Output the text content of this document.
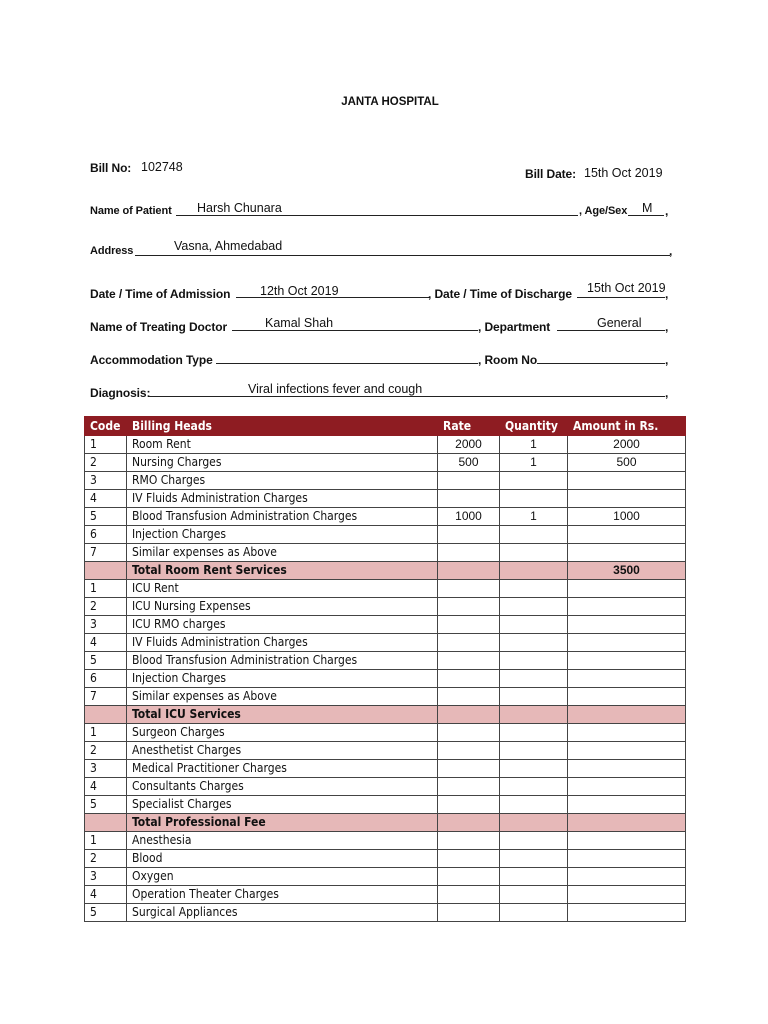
JANTA HOSPITAL
Bill No: 102748	Bill Date: 15th Oct 2019
Name of Patient Harsh Chunara	, Age/Sex M ,
Address	Vasna, Ahmedabad	,
Date / Time of Admission 12th Oct 2019	, Date / Time of Discharge 15th Oct 2019 ,
Name of Treating Doctor	Kamal Shah	, Department	General ,
Accommodation Type	, Room No	,
Diagnosis:	Viral infections fever and cough	,
Code	Billing Heads	Rate	Quantity	Amount in Rs.
1	Room Rent	2000	1	2000
2	Nursing Charges	500	1	500
3	RMO Charges			
4	IV Fluids Administration Charges			
5	Blood Transfusion Administration Charges	1000	1	1000
6	Injection Charges			
7	Similar expenses as Above			
	Total Room Rent Services			3500
1	ICU Rent			
2	ICU Nursing Expenses			
3	ICU RMO charges			
4	IV Fluids Administration Charges			
5	Blood Transfusion Administration Charges			
6	Injection Charges			
7	Similar expenses as Above			
	Total ICU Services			
1	Surgeon Charges			
2	Anesthetist Charges			
3	Medical Practitioner Charges			
4	Consultants Charges			
5	Specialist Charges			
	Total Professional Fee			
1	Anesthesia			
2	Blood			
3	Oxygen			
4	Operation Theater Charges			
5	Surgical Appliances			
